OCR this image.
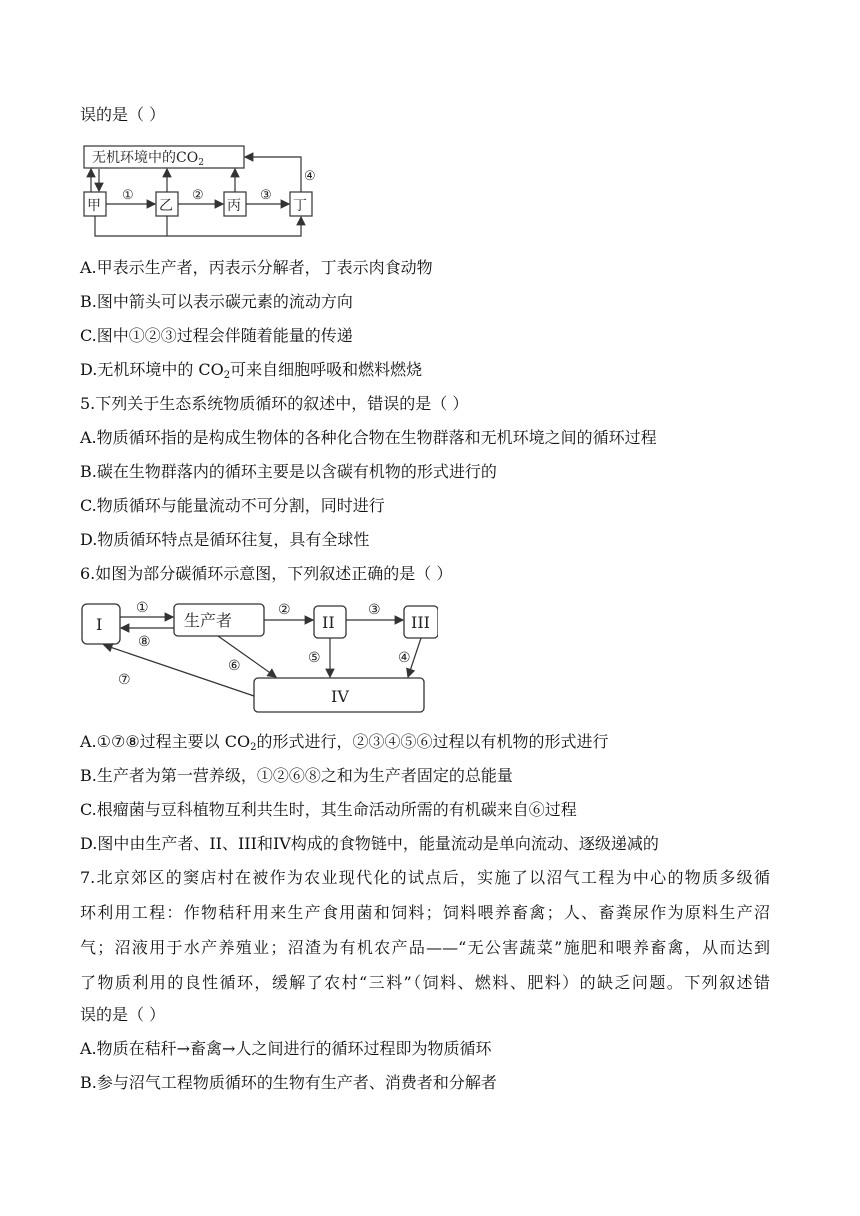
误的是（ ）
无机环境中的$CO_2$
甲	乙	丙	丁
①	②	③
④
A.甲表示生产者，丙表示分解者，丁表示肉食动物
B.图中箭头可以表示碳元素的流动方向
C.图中①②③过程会伴随着能量的传递
D.无机环境中的 $CO_2$可来自细胞呼吸和燃料燃烧
5.下列关于生态系统物质循环的叙述中，错误的是（ ）
A.物质循环指的是构成生物体的各种化合物在生物群落和无机环境之间的循环过程
B.碳在生物群落内的循环主要是以含碳有机物的形式进行的
C.物质循环与能量流动不可分割，同时进行
D.物质循环特点是循环往复，具有全球性
6.如图为部分碳循环示意图，下列叙述正确的是（ ）
I	生产者	II	III
IV
①
⑧
②	③
⑤	④
⑥
⑦
A.①⑦⑧过程主要以 $CO_2$的形式进行，②③④⑤⑥过程以有机物的形式进行
B.生产者为第一营养级，①②⑥⑧之和为生产者固定的总能量
C.根瘤菌与豆科植物互利共生时，其生命活动所需的有机碳来自⑥过程
D.图中由生产者、II、III和IV构成的食物链中，能量流动是单向流动、逐级递减的
7.北京郊区的窦店村在被作为农业现代化的试点后，实施了以沼气工程为中心的物质多级循
环利用工程：作物秸秆用来生产食用菌和饲料；饲料喂养畜禽；人、畜粪尿作为原料生产沼
气；沼液用于水产养殖业；沼渣为有机农产品——“无公害蔬菜”施肥和喂养畜禽，从而达到
了物质利用的良性循环，缓解了农村“三料”（饲料、燃料、肥料）的缺乏问题。下列叙述错
误的是（ ）
A.物质在秸秆→畜禽→人之间进行的循环过程即为物质循环
B.参与沼气工程物质循环的生物有生产者、消费者和分解者
